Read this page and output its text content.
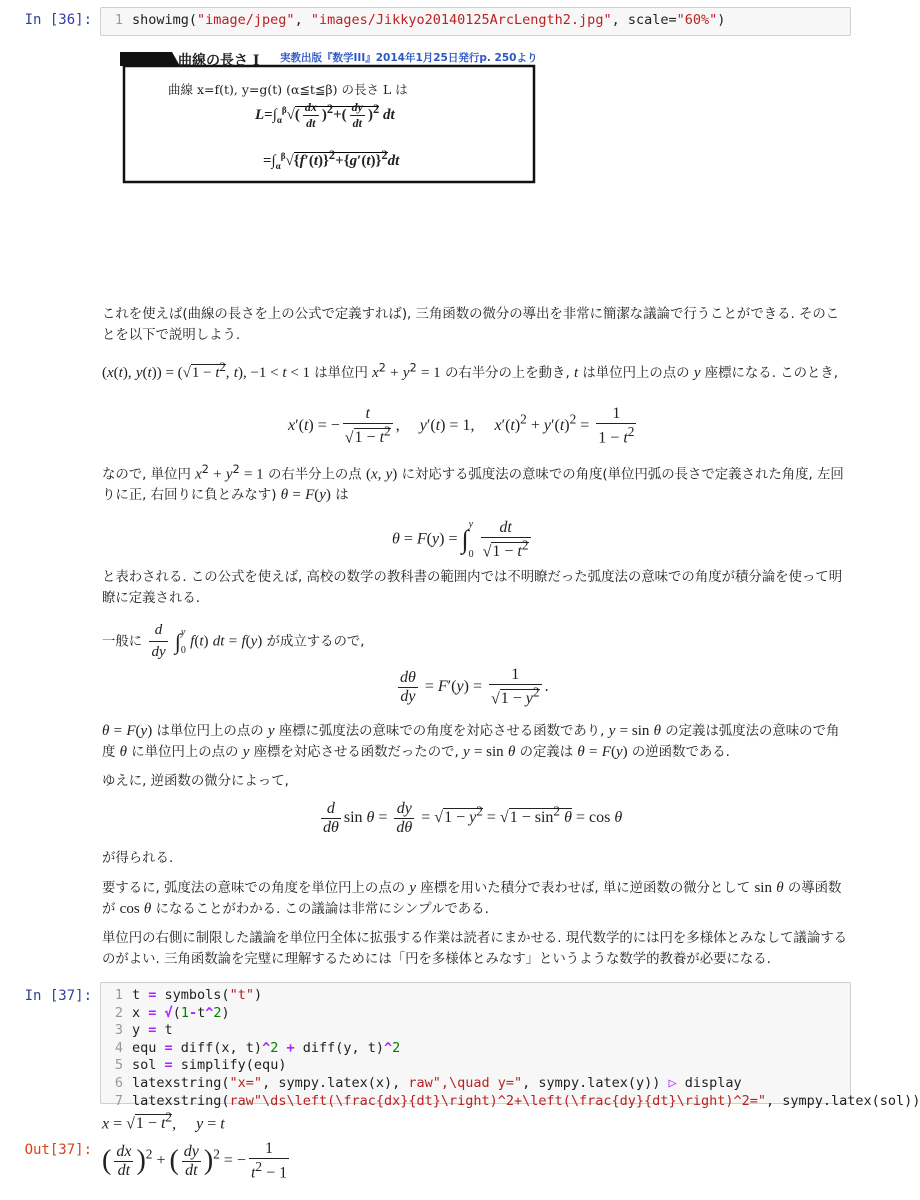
In [36]:	1 showimg("image/jpeg", "images/Jikkyo20140125ArcLength2.jpg", scale="60%")
曲線の長さ I 実教出版『数学III』2014年1月25日発行p. 250より
曲線 x=f(t), y=g(t) (α≦t≦β) の長さ L は
$L=\int_\alpha^\beta√( \frac{dx}{dt} )^2+( \frac{dy}{dt} )^2$ dt
$=\int_\alpha^\beta√\{f'(t)\}^2+\{g'(t)\}^2dt$
これを使えば(曲線の長さを上の公式で定義すれば), 三角函数の微分の導出を非常に簡潔な議論で行うことができる. そのことを以下で説明しよう.
(x(t), $y(t)) = (√1 - t^2$, t), −1 < t < 1 は単位円 $x^2 + y^2 = 1$ の右半分の上を動き, t は単位円上の点の y 座標になる. このとき,
x′(t) = − $\frac{t}{√1 - t^2}$ ,     y′(t) = 1,     $x'(t)^2 + y'(t)^2 = \frac{1}{1 - t^2}$
なので, 単位円 $x^2 + y^2 = 1$ の右半分上の点 (x, y) に対応する弧度法の意味での角度(単位円弧の長さで定義された角度, 左回りに正, 右回りに負とみなす) θ = F(y) は
θ = F(y) = ∫y
$0 \frac{dt}{√1 - t^2}$
と表わされる. この公式を使えば, 高校の数学の教科書の範囲内では不明瞭だった弧度法の意味での角度が積分論を使って明瞭に定義される.
一般に $\frac{d}{dy} \int y$
0 f(t) dt = f(y) が成立するので,
$\frac{d\theta}{dy} = F'(y) = \frac{1}{√1 - y^2}$ .
θ = F(y) は単位円上の点の y 座標に弧度法の意味での角度を対応させる函数であり, y = sin θ の定義は弧度法の意味ので角度 θ に単位円上の点の y 座標を対応させる函数だったので, y = sin θ の定義は θ = F(y) の逆函数である.
ゆえに, 逆函数の微分によって,
$\frac{d}{d\theta}$ $\sin \theta = \frac{dy}{d\theta} = √1 - y^2 = √1 - \sin^2 \theta = \cos \theta$
が得られる.
要するに, 弧度法の意味での角度を単位円上の点の y 座標を用いた積分で表わせば, 単に逆函数の微分として sin θ の導函数が cos θ になることがわかる. この議論は非常にシンプルである.
単位円の右側に制限した議論を単位円全体に拡張する作業は読者にまかせる. 現代数学的には円を多様体とみなして議論するのがよい. 三角函数論を完璧に理解するためには「円を多様体とみなす」というような数学的教養が必要になる.
In [37]:	1 t = symbols("t")
2 x = √(1-t^2)
3 y = t
4 equ = diff(x, t)^2 + diff(y, t)^2
5 sol = simplify(equ)
6 latexstring("x=", sympy.latex(x), raw",\quad y=", sympy.latex(y)) ▷ display
7 latexstring(raw"\ds\left(\frac{dx}{dt}\right)^2+\left(\frac{dy}{dt}\right)^2=", sympy.latex(sol))
$x = √1 - t^2$,     y = t
Out[37]: ( $\frac{dx}{dt} )^2$ + ( $\frac{dy}{dt} )^2$ = − $\frac{1}{t^2 - 1}$
